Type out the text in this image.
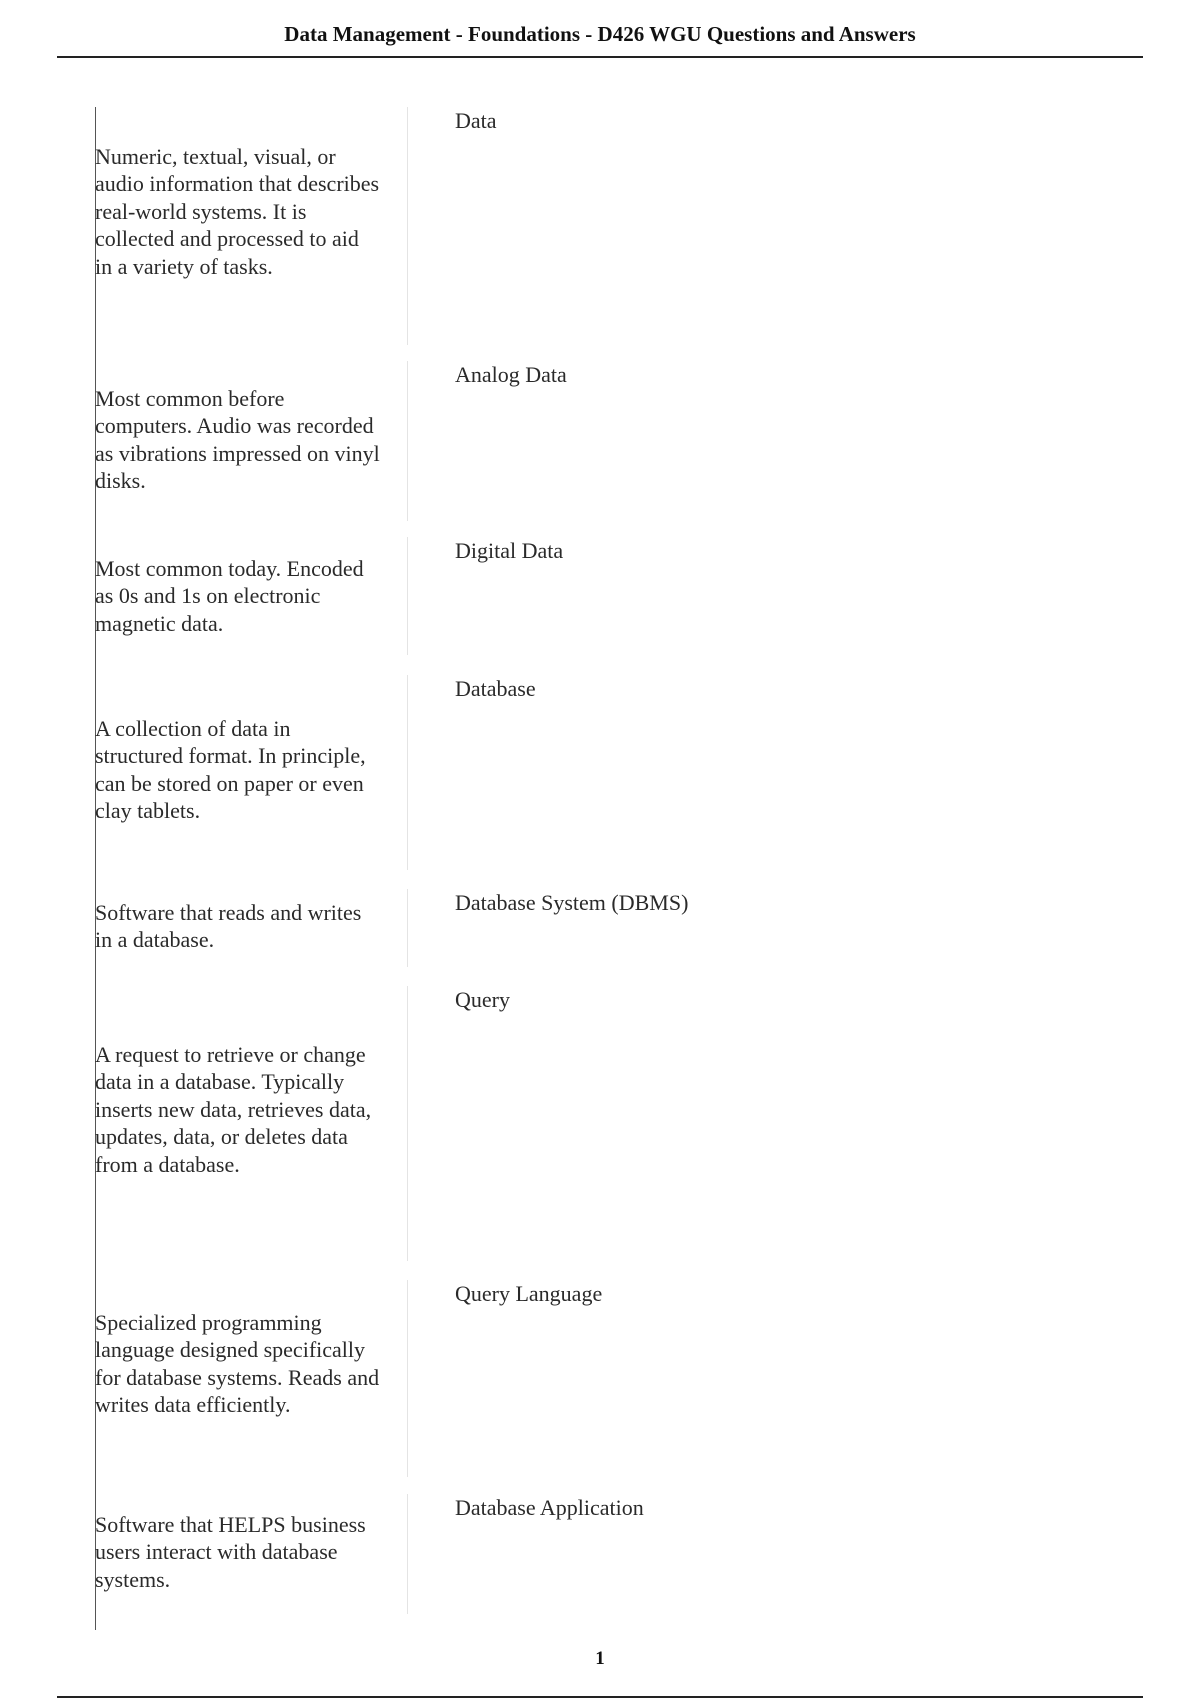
Data Management - Foundations - D426 WGU Questions and Answers
Data
Numeric, textual, visual, or audio information that describes real-world systems. It is collected and processed to aid in a variety of tasks.
Analog Data
Most common before computers. Audio was recorded as vibrations impressed on vinyl disks.
Digital Data
Most common today. Encoded as 0s and 1s on electronic magnetic data.
Database
A collection of data in structured format. In principle, can be stored on paper or even clay tablets.
Database System (DBMS)
Software that reads and writes in a database.
Query
A request to retrieve or change data in a database. Typically inserts new data, retrieves data, updates, data, or deletes data from a database.
Query Language
Specialized programming language designed specifically for database systems. Reads and writes data efficiently.
Database Application
Software that HELPS business users interact with database systems.
1
